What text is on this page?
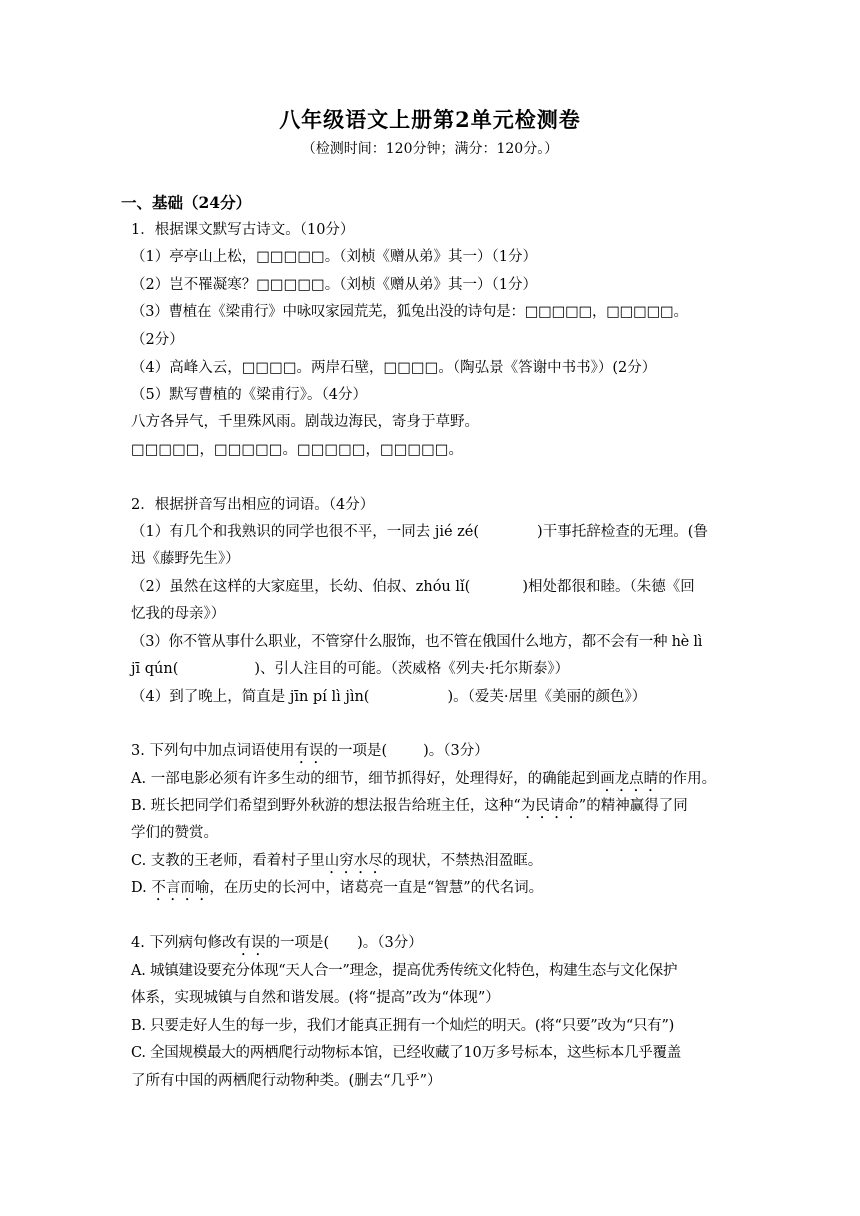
八年级语文上册第2单元检测卷
（检测时间：120分钟；满分：120分。）
一、基础（24分）
1．根据课文默写古诗文。（10分）
（1）亭亭山上松，□□□□□。（刘桢《赠从弟》其一）（1分）
（2）岂不罹凝寒？□□□□□。（刘桢《赠从弟》其一）（1分）
（3）曹植在《梁甫行》中咏叹家园荒芜，狐兔出没的诗句是：□□□□□，□□□□□。
（2分）
（4）高峰入云，□□□□。两岸石壁，□□□□。（陶弘景《答谢中书书》）(2分）
（5）默写曹植的《梁甫行》。（4分）
八方各异气，千里殊风雨。剧哉边海民，寄身于草野。
□□□□□，□□□□□。□□□□□，□□□□□。
2．根据拼音写出相应的词语。（4分）
（1）有几个和我熟识的同学也很不平，一同去 jié zé(	)干事托辞检查的无理。(鲁
迅《藤野先生》）
（2）虽然在这样的大家庭里，长幼、伯叔、zhóu lǐ(	)相处都很和睦。（朱德《回
忆我的母亲》）
（3）你不管从事什么职业，不管穿什么服饰，也不管在俄国什么地方，都不会有一种 hè lì
jī qún(	)、引人注目的可能。（茨威格《列夫·托尔斯泰》）
（4）到了晚上，简直是 jīn pí lì jìn(	)。（爱芙·居里《美丽的颜色》）
3. 下列句中加点词语使用有误的一项是( )。（3分）
A. 一部电影必须有许多生动的细节，细节抓得好，处理得好，的确能起到画龙点睛的作用。
B. 班长把同学们希望到野外秋游的想法报告给班主任，这种“为民请命”的精神赢得了同
学们的赞赏。
C. 支教的王老师，看着村子里山穷水尽的现状，不禁热泪盈眶。
D. 不言而喻，在历史的长河中，诸葛亮一直是“智慧”的代名词。
4. 下列病句修改有误的一项是( )。（3分）
A. 城镇建设要充分体现“天人合一”理念，提高优秀传统文化特色，构建生态与文化保护
体系，实现城镇与自然和谐发展。(将“提高”改为“体现”）
B. 只要走好人生的每一步，我们才能真正拥有一个灿烂的明天。(将“只要”改为“只有”)
C. 全国规模最大的两栖爬行动物标本馆，已经收藏了10万多号标本，这些标本几乎覆盖
了所有中国的两栖爬行动物种类。(删去“几乎”）
